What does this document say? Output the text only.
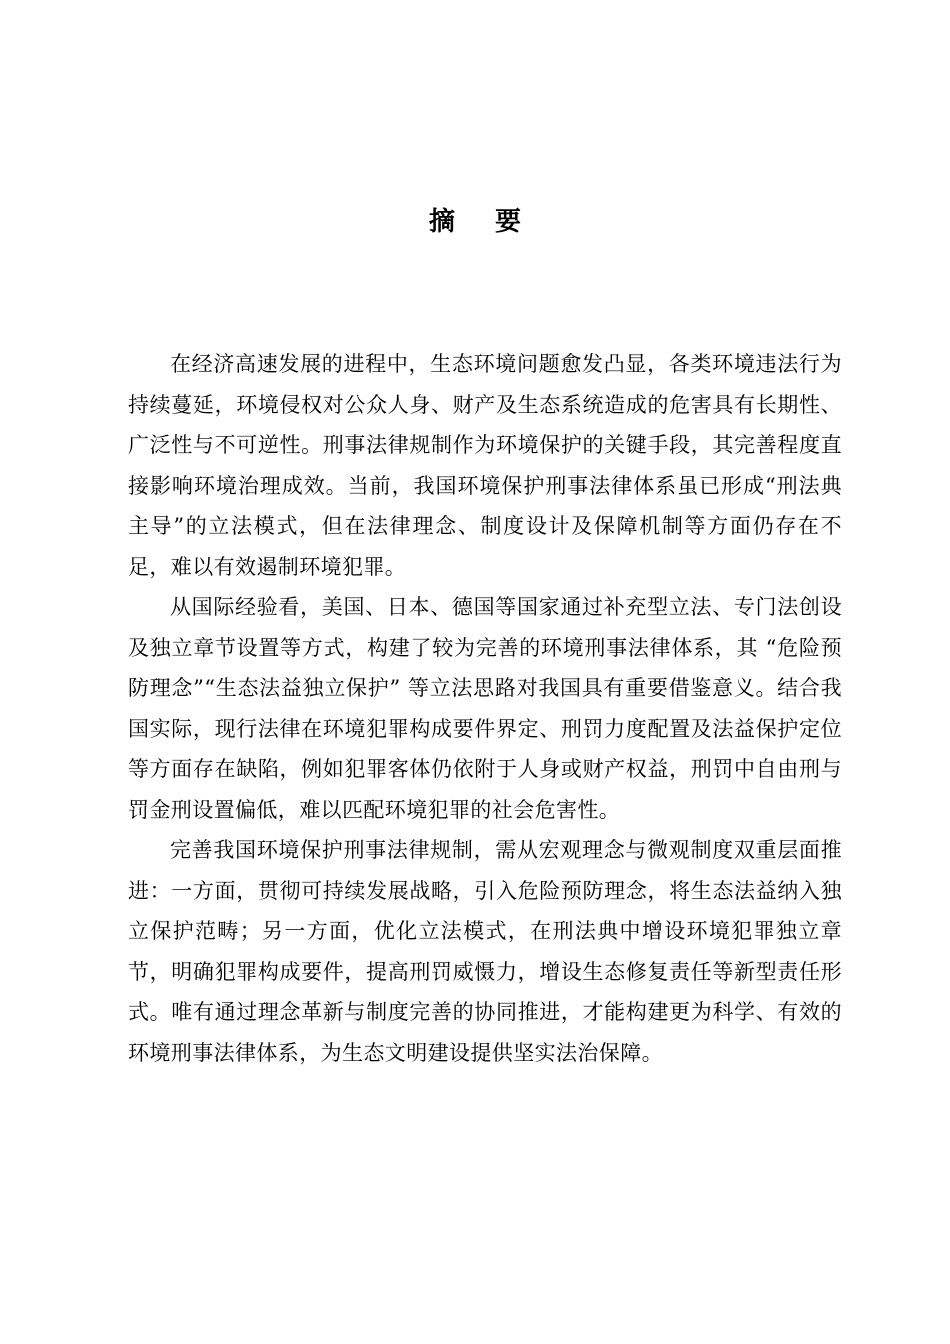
摘 要

在经济高速发展的进程中，生态环境问题愈发凸显，各类环境违法行为持续蔓延，环境侵权对公众人身、财产及生态系统造成的危害具有长期性、广泛性与不可逆性。刑事法律规制作为环境保护的关键手段，其完善程度直接影响环境治理成效。当前，我国环境保护刑事法律体系虽已形成“刑法典主导”的立法模式，但在法律理念、制度设计及保障机制等方面仍存在不足，难以有效遏制环境犯罪。

从国际经验看，美国、日本、德国等国家通过补充型立法、专门法创设及独立章节设置等方式，构建了较为完善的环境刑事法律体系，其 “危险预防理念”“生态法益独立保护” 等立法思路对我国具有重要借鉴意义。结合我国实际，现行法律在环境犯罪构成要件界定、刑罚力度配置及法益保护定位等方面存在缺陷，例如犯罪客体仍依附于人身或财产权益，刑罚中自由刑与罚金刑设置偏低，难以匹配环境犯罪的社会危害性。

完善我国环境保护刑事法律规制，需从宏观理念与微观制度双重层面推进：一方面，贯彻可持续发展战略，引入危险预防理念，将生态法益纳入独立保护范畴；另一方面，优化立法模式，在刑法典中增设环境犯罪独立章节，明确犯罪构成要件，提高刑罚威慑力，增设生态修复责任等新型责任形式。唯有通过理念革新与制度完善的协同推进，才能构建更为科学、有效的环境刑事法律体系，为生态文明建设提供坚实法治保障。
